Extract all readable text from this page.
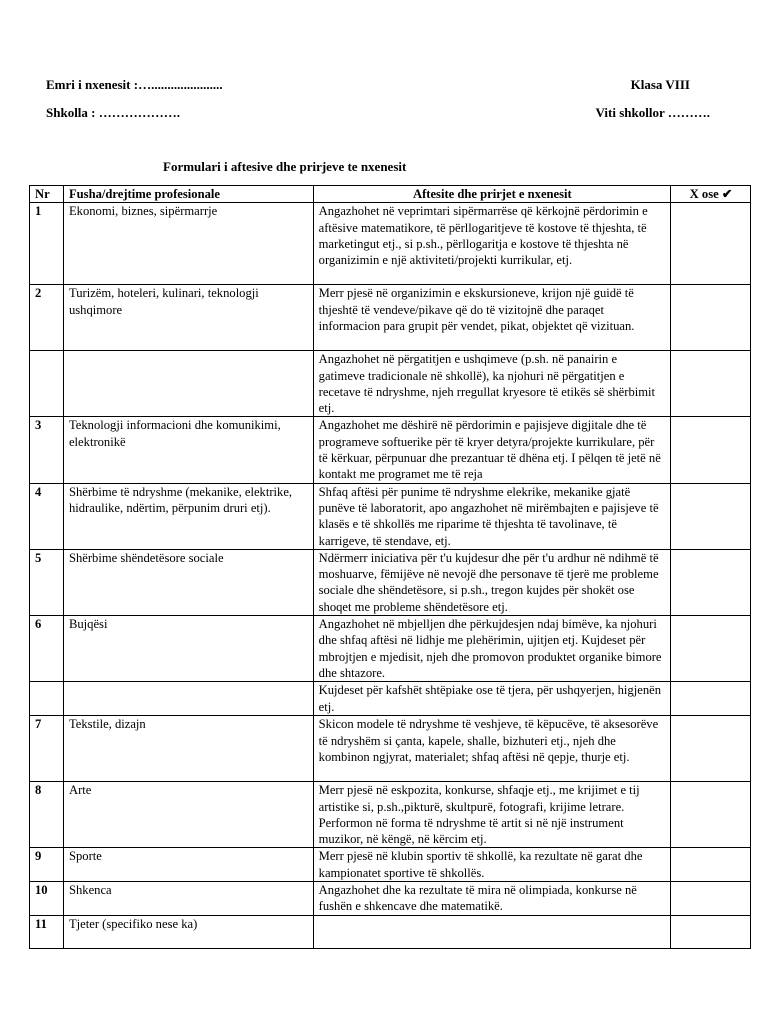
Emri i nxenesit :…......................	Klasa VIII
Shkolla : ……………….	Viti shkollor ……….
Formulari i aftesive dhe prirjeve te nxenesit
Nr	Fusha/drejtime profesionale	Aftesite dhe prirjet e nxenesit	X ose ✔
1	Ekonomi, biznes, sipërmarrje	Angazhohet në veprimtari sipërmarrëse që kërkojnë përdorimin e aftësive matematikore, të përllogaritjeve të kostove të thjeshta, të marketingut etj., si p.sh., përllogaritja e kostove të thjeshta në organizimin e një aktiviteti/projekti kurrikular, etj.	
2	Turizëm, hoteleri, kulinari, teknologji ushqimore	Merr pjesë në organizimin e ekskursioneve, krijon një guidë të thjeshtë të vendeve/pikave që do të vizitojnë dhe paraqet informacion para grupit për vendet, pikat, objektet që vizituan.	
		Angazhohet në përgatitjen e ushqimeve (p.sh. në panairin e gatimeve tradicionale në shkollë), ka njohuri në përgatitjen e recetave të ndryshme, njeh rregullat kryesore të etikës së shërbimit etj.	
3	Teknologji informacioni dhe komunikimi, elektronikë	Angazhohet me dëshirë në përdorimin e pajisjeve digjitale dhe të programeve softuerike për të kryer detyra/projekte kurrikulare, për të kërkuar, përpunuar dhe prezantuar të dhëna etj. I pëlqen të jetë në kontakt me programet me të reja	
4	Shërbime të ndryshme (mekanike, elektrike, hidraulike, ndërtim, përpunim druri etj).	Shfaq aftësi për punime të ndryshme elekrike, mekanike gjatë punëve të laboratorit, apo angazhohet në mirëmbajten e pajisjeve të klasës e të shkollës me riparime të thjeshta të tavolinave, të karrigeve, të stendave, etj.	
5	Shërbime shëndetësore sociale	Ndërmerr iniciativa për t'u kujdesur dhe për t'u ardhur në ndihmë të moshuarve, fëmijëve në nevojë dhe personave të tjerë me probleme sociale dhe shëndetësore, si p.sh., tregon kujdes për shokët ose shoqet me probleme shëndetësore etj.	
6	Bujqësi	Angazhohet në mbjelljen dhe përkujdesjen ndaj bimëve, ka njohuri dhe shfaq aftësi në lidhje me plehërimin, ujitjen etj. Kujdeset për mbrojtjen e mjedisit, njeh dhe promovon produktet organike bimore dhe shtazore.	
		Kujdeset për kafshët shtëpiake ose të tjera, për ushqyerjen, higjenën etj.	
7	Tekstile, dizajn	Skicon modele të ndryshme të veshjeve, të këpucëve, të aksesorëve të ndryshëm si çanta, kapele, shalle, bizhuteri etj., njeh dhe kombinon ngjyrat, materialet; shfaq aftësi në qepje, thurje etj.	
8	Arte	Merr pjesë në eskpozita, konkurse, shfaqje etj., me krijimet e tij artistike si, p.sh.,pikturë, skultpurë, fotografi, krijime letrare. Performon në forma të ndryshme të artit si në një instrument muzikor, në këngë, në kërcim etj.	
9	Sporte	Merr pjesë në klubin sportiv të shkollë, ka rezultate në garat dhe kampionatet sportive të shkollës.	
10	Shkenca	Angazhohet dhe ka rezultate të mira në olimpiada, konkurse në fushën e shkencave dhe matematikë.	
11	Tjeter (specifiko nese ka)		
